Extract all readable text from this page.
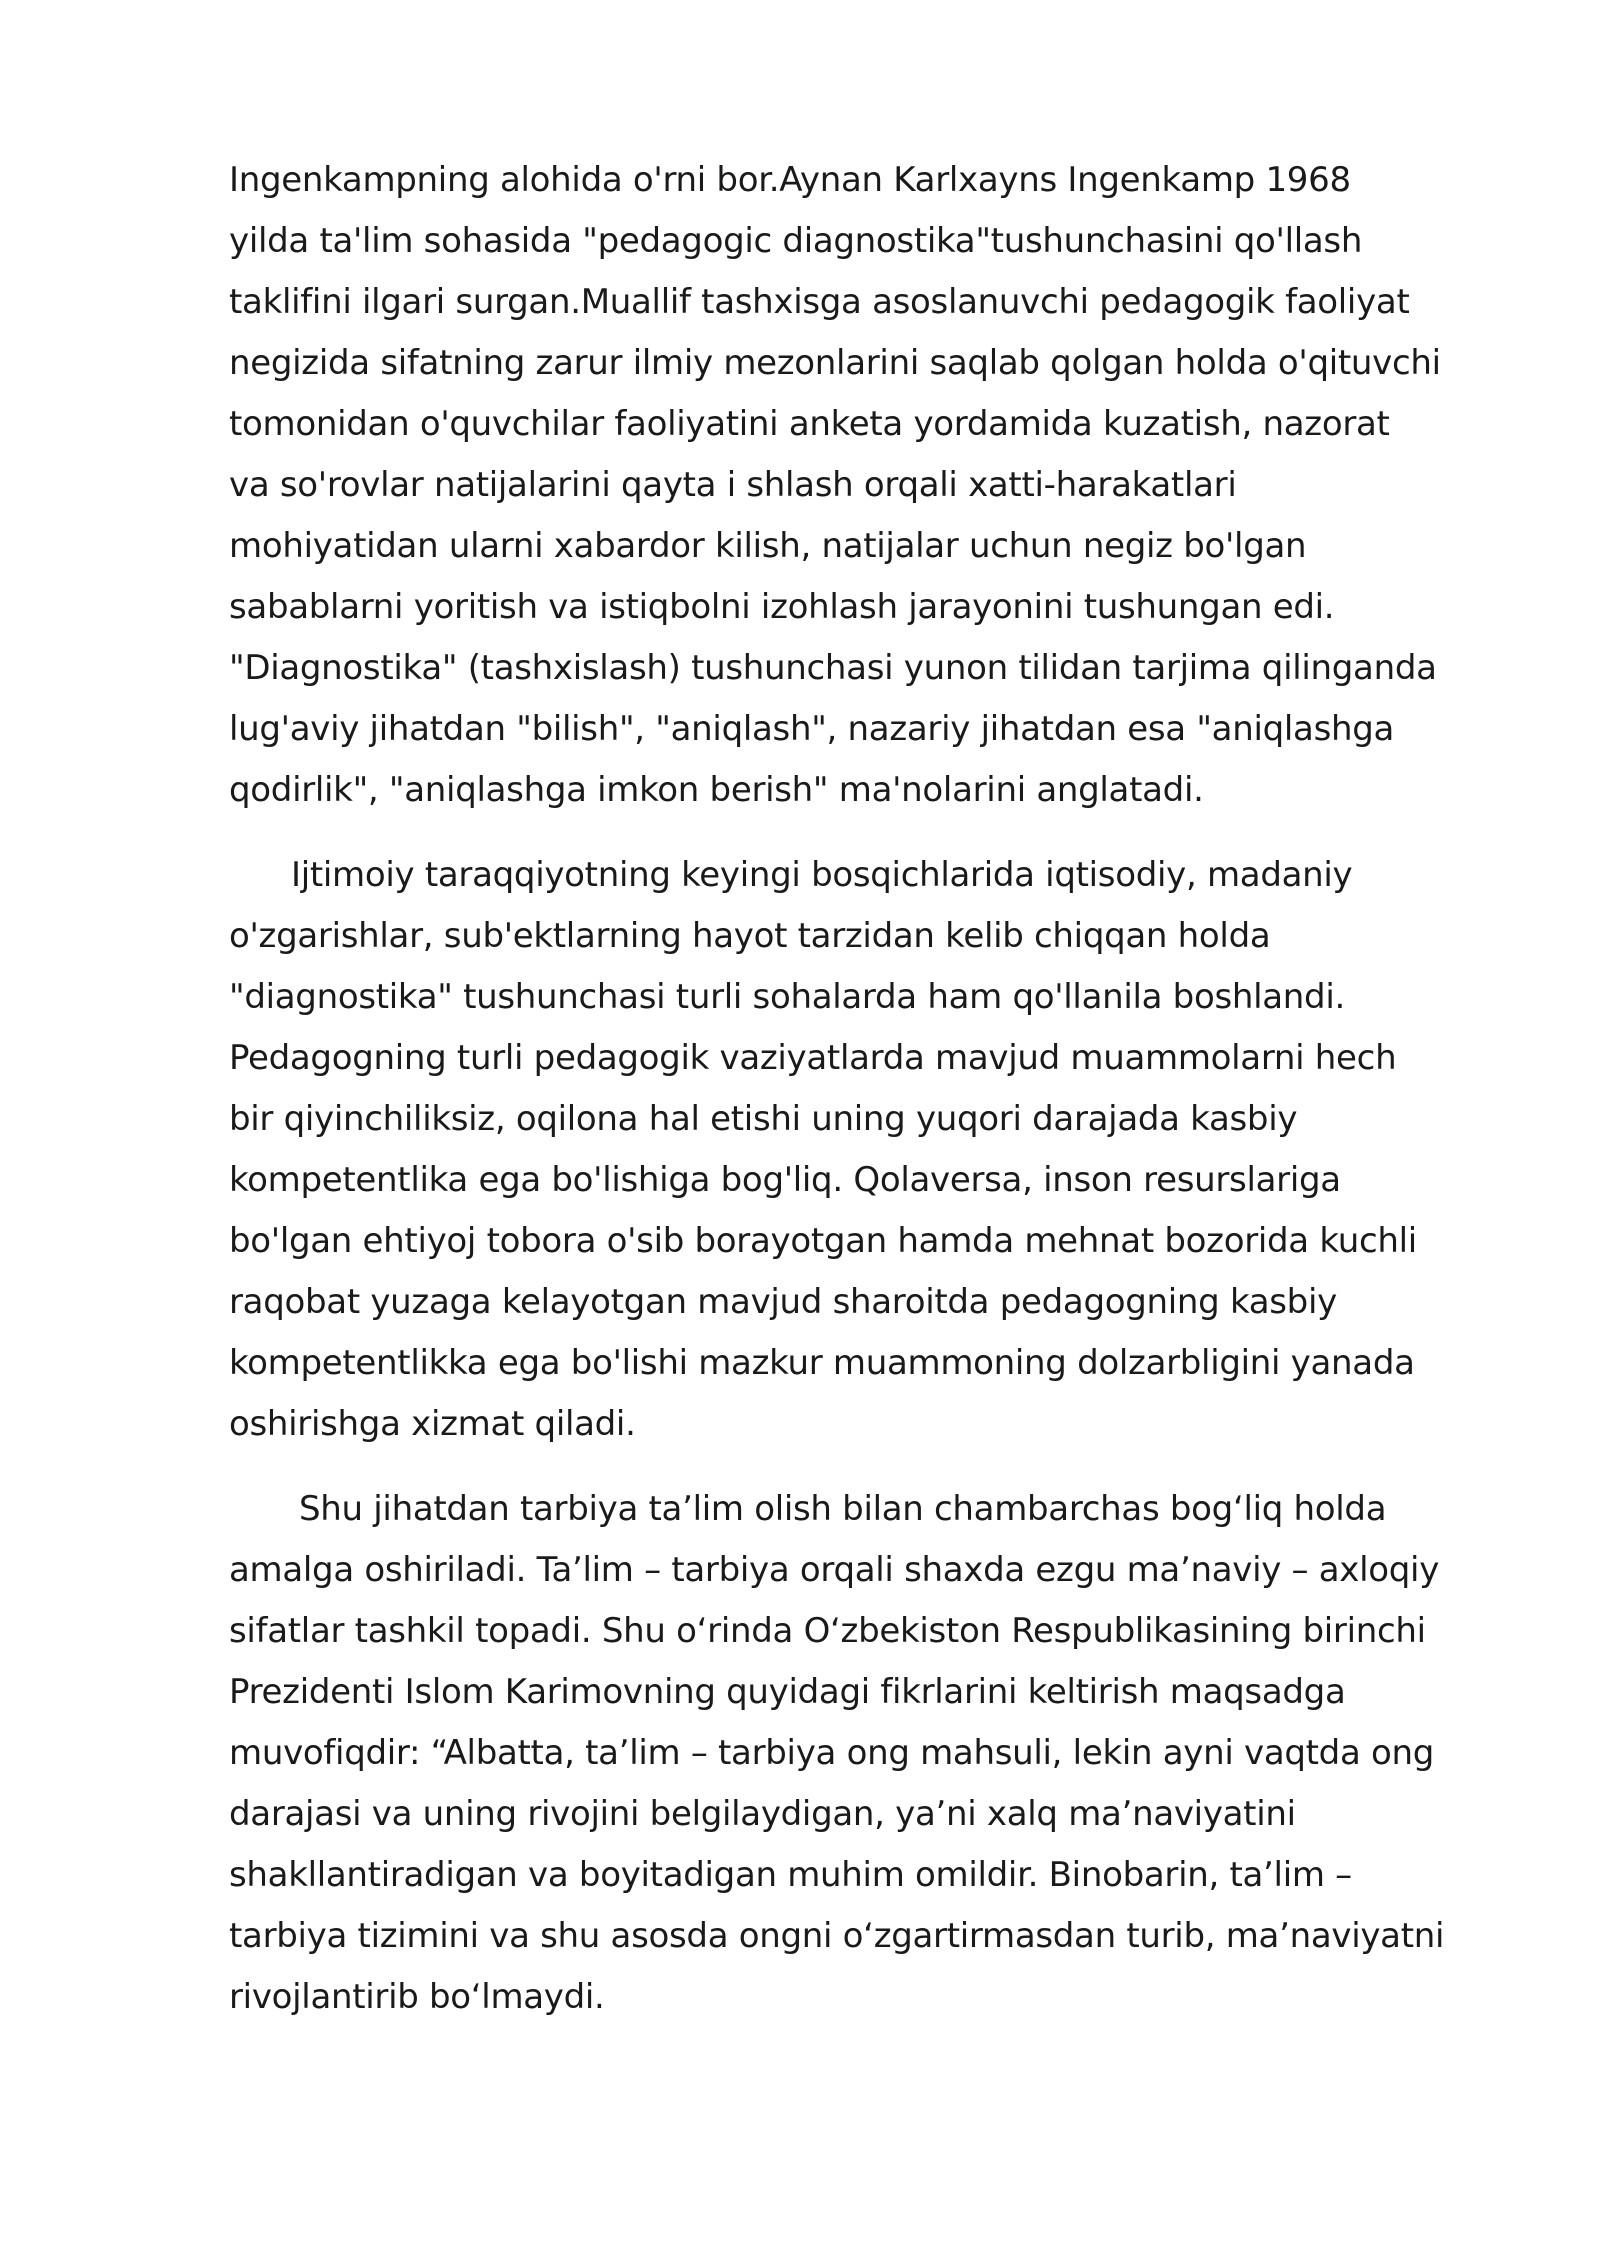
Ingenkampning alohida o'rni bor.Aynan Karlxayns Ingenkamp 1968
yilda ta'lim sohasida "pedagogic diagnostika"tushunchasini qo'llash
taklifini ilgari surgan.Muallif tashxisga asoslanuvchi pedagogik faoliyat
negizida sifatning zarur ilmiy mezonlarini saqlab qolgan holda o'qituvchi
tomonidan o'quvchilar faoliyatini anketa yordamida kuzatish, nazorat
va so'rovlar natijalarini qayta i shlash orqali xatti-harakatlari
mohiyatidan ularni xabardor kilish, natijalar uchun negiz bo'lgan
sabablarni yoritish va istiqbolni izohlash jarayonini tushungan edi.
"Diagnostika" (tashxislash) tushunchasi yunon tilidan tarjima qilinganda
lug'aviy jihatdan "bilish", "aniqlash", nazariy jihatdan esa "aniqlashga
qodirlik", "aniqlashga imkon berish" ma'nolarini anglatadi.

Ijtimoiy taraqqiyotning keyingi bosqichlarida iqtisodiy, madaniy
o'zgarishlar, sub'ektlarning hayot tarzidan kelib chiqqan holda
"diagnostika" tushunchasi turli sohalarda ham qo'llanila boshlandi.
Pedagogning turli pedagogik vaziyatlarda mavjud muammolarni hech
bir qiyinchiliksiz, oqilona hal etishi uning yuqori darajada kasbiy
kompetentlika ega bo'lishiga bog'liq. Qolaversa, inson resurslariga
bo'lgan ehtiyoj tobora o'sib borayotgan hamda mehnat bozorida kuchli
raqobat yuzaga kelayotgan mavjud sharoitda pedagogning kasbiy
kompetentlikka ega bo'lishi mazkur muammoning dolzarbligini yanada
oshirishga xizmat qiladi.

Shu jihatdan tarbiya ta’lim olish bilan chambarchas bog‘liq holda
amalga oshiriladi. Ta’lim – tarbiya orqali shaxda ezgu ma’naviy – axloqiy
sifatlar tashkil topadi. Shu o‘rinda O‘zbekiston Respublikasining birinchi
Prezidenti Islom Karimovning quyidagi fikrlarini keltirish maqsadga
muvofiqdir: “Albatta, ta’lim – tarbiya ong mahsuli, lekin ayni vaqtda ong
darajasi va uning rivojini belgilaydigan, ya’ni xalq ma’naviyatini
shakllantiradigan va boyitadigan muhim omildir. Binobarin, ta’lim –
tarbiya tizimini va shu asosda ongni o‘zgartirmasdan turib, ma’naviyatni
rivojlantirib bo‘lmaydi.
